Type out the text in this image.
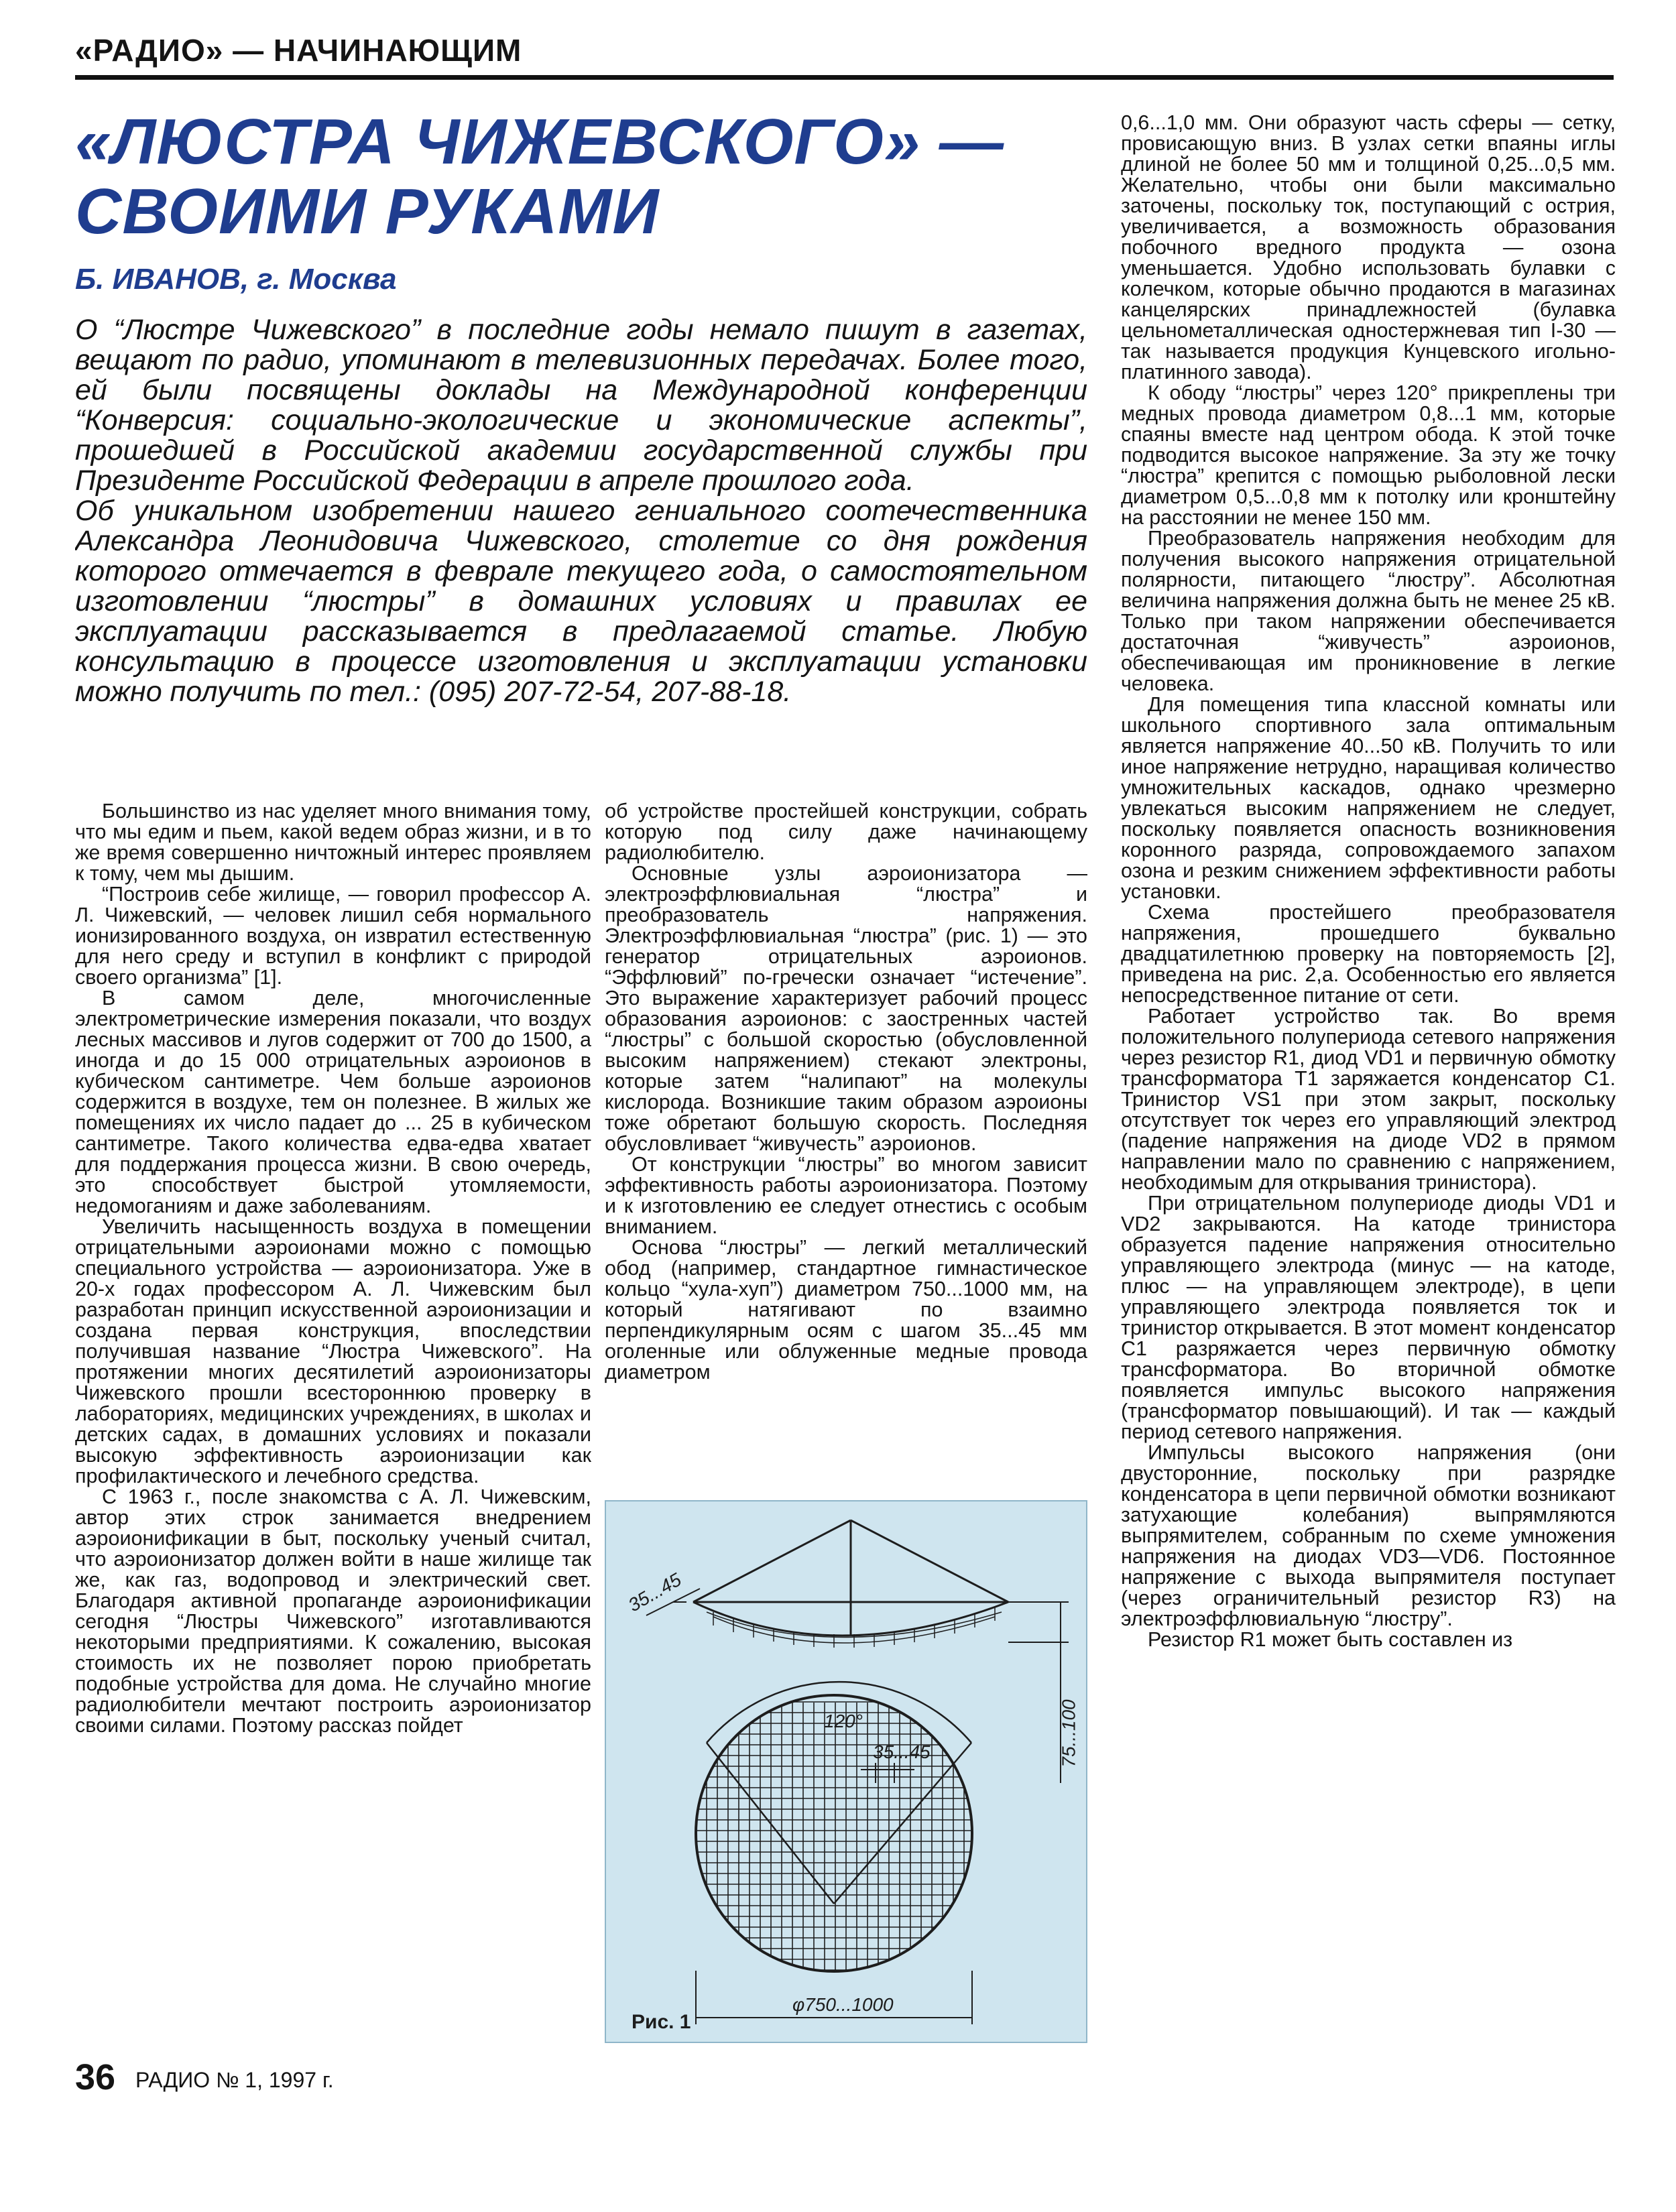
«РАДИО» — НАЧИНАЮЩИМ
«ЛЮСТРА ЧИЖЕВСКОГО» —
СВОИМИ РУКАМИ
Б. ИВАНОВ, г. Москва

О “Люстре Чижевского” в последние годы немало пишут в газетах, вещают по радио, упоминают в телевизионных передачах. Более того, ей были посвящены доклады на Международной конференции “Конверсия: социально-экологические и экономические аспекты”, прошедшей в Российской академии государственной службы при Президенте Российской Федерации в апреле прошлого года.

Об уникальном изобретении нашего гениального соотечественника Александра Леонидовича Чижевского, столетие со дня рождения которого отмечается в феврале текущего года, о самостоятельном изготовлении “люстры” в домашних условиях и правилах ее эксплуатации рассказывается в предлагаемой статье. Любую консультацию в процессе изготовления и эксплуатации установки можно получить по тел.: (095) 207-72-54, 207-88-18.

Большинство из нас уделяет много внимания тому, что мы едим и пьем, какой ведем образ жизни, и в то же время совершенно ничтожный интерес проявляем к тому, чем мы дышим.

“Построив себе жилище, — говорил профессор А. Л. Чижевский, — человек лишил себя нормального ионизированного воздуха, он извратил естественную для него среду и вступил в конфликт с природой своего организма” [1].

В самом деле, многочисленные электрометрические измерения показали, что воздух лесных массивов и лугов содержит от 700 до 1500, а иногда и до 15 000 отрицательных аэроионов в кубическом сантиметре. Чем больше аэроионов содержится в воздухе, тем он полезнее. В жилых же помещениях их число падает до ... 25 в кубическом сантиметре. Такого количества едва-едва хватает для поддержания процесса жизни. В свою очередь, это способствует быстрой утомляемости, недомоганиям и даже заболеваниям.

Увеличить насыщенность воздуха в помещении отрицательными аэроионами можно с помощью специального устройства — аэроионизатора. Уже в 20-х годах профессором А. Л. Чижевским был разработан принцип искусственной аэроионизации и создана первая конструкция, впоследствии получившая название “Люстра Чижевского”. На протяжении многих десятилетий аэроионизаторы Чижевского прошли всестороннюю проверку в лабораториях, медицинских учреждениях, в школах и детских садах, в домашних условиях и показали высокую эффективность аэроионизации как профилактического и лечебного средства.

С 1963 г., после знакомства с А. Л. Чижевским, автор этих строк занимается внедрением аэроионификации в быт, поскольку ученый считал, что аэроионизатор должен войти в наше жилище так же, как газ, водопровод и электрический свет. Благодаря активной пропаганде аэроионификации сегодня “Люстры Чижевского” изготавливаются некоторыми предприятиями. К сожалению, высокая стоимость их не позволяет порою приобретать подобные устройства для дома. Не случайно многие радиолюбители мечтают построить аэроионизатор своими силами. Поэтому рассказ пойдет

об устройстве простейшей конструкции, собрать которую под силу даже начинающему радиолюбителю.

Основные узлы аэроионизатора — электроэффлювиальная “люстра” и преобразователь напряжения. Электроэффлювиальная “люстра” (рис. 1) — это генератор отрицательных аэроионов. “Эффлювий” по-гречески означает “истечение”. Это выражение характеризует рабочий процесс образования аэроионов: с заостренных частей “люстры” с большой скоростью (обусловленной высоким напряжением) стекают электроны, которые затем “налипают” на молекулы кислорода. Возникшие таким образом аэроионы тоже обретают большую скорость. Последняя обусловливает “живучесть” аэроионов.

От конструкции “люстры” во многом зависит эффективность работы аэроионизатора. Поэтому и к изготовлению ее следует отнестись с особым вниманием.

Основа “люстры” — легкий металлический обод (например, стандартное гимнастическое кольцо “хула-хуп”) диаметром 750...1000 мм, на который натягивают по взаимно перпендикулярным осям с шагом 35...45 мм оголенные или облуженные медные провода диаметром

35...45
75...100
120°
35...45
φ750...1000
Рис. 1

0,6...1,0 мм. Они образуют часть сферы — сетку, провисающую вниз. В узлах сетки впаяны иглы длиной не более 50 мм и толщиной 0,25...0,5 мм. Желательно, чтобы они были максимально заточены, поскольку ток, поступающий с острия, увеличивается, а возможность образования побочного вредного продукта — озона уменьшается. Удобно использовать булавки с колечком, которые обычно продаются в магазинах канцелярских принадлежностей (булавка цельнометаллическая одностержневая тип I-30 — так называется продукция Кунцевского игольно-платинного завода).

К ободу “люстры” через 120° прикреплены три медных провода диаметром 0,8...1 мм, которые спаяны вместе над центром обода. К этой точке подводится высокое напряжение. За эту же точку “люстра” крепится с помощью рыболовной лески диаметром 0,5...0,8 мм к потолку или кронштейну на расстоянии не менее 150 мм.

Преобразователь напряжения необходим для получения высокого напряжения отрицательной полярности, питающего “люстру”. Абсолютная величина напряжения должна быть не менее 25 кВ. Только при таком напряжении обеспечивается достаточная “живучесть” аэроионов, обеспечивающая им проникновение в легкие человека.

Для помещения типа классной комнаты или школьного спортивного зала оптимальным является напряжение 40...50 кВ. Получить то или иное напряжение нетрудно, наращивая количество умножительных каскадов, однако чрезмерно увлекаться высоким напряжением не следует, поскольку появляется опасность возникновения коронного разряда, сопровождаемого запахом озона и резким снижением эффективности работы установки.

Схема простейшего преобразователя напряжения, прошедшего буквально двадцатилетнюю проверку на повторяемость [2], приведена на рис. 2,а. Особенностью его является непосредственное питание от сети.

Работает устройство так. Во время положительного полупериода сетевого напряжения через резистор R1, диод VD1 и первичную обмотку трансформатора T1 заряжается конденсатор C1. Тринистор VS1 при этом закрыт, поскольку отсутствует ток через его управляющий электрод (падение напряжения на диоде VD2 в прямом направлении мало по сравнению с напряжением, необходимым для открывания тринистора).

При отрицательном полупериоде диоды VD1 и VD2 закрываются. На катоде тринистора образуется падение напряжения относительно управляющего электрода (минус — на катоде, плюс — на управляющем электроде), в цепи управляющего электрода появляется ток и тринистор открывается. В этот момент конденсатор C1 разряжается через первичную обмотку трансформатора. Во вторичной обмотке появляется импульс высокого напряжения (трансформатор повышающий). И так — каждый период сетевого напряжения.

Импульсы высокого напряжения (они двусторонние, поскольку при разрядке конденсатора в цепи первичной обмотки возникают затухающие колебания) выпрямляются выпрямителем, собранным по схеме умножения напряжения на диодах VD3—VD6. Постоянное напряжение с выхода выпрямителя поступает (через ограничительный резистор R3) на электроэффлювиальную “люстру”.

Резистор R1 может быть составлен из

36 РАДИО № 1, 1997 г.
